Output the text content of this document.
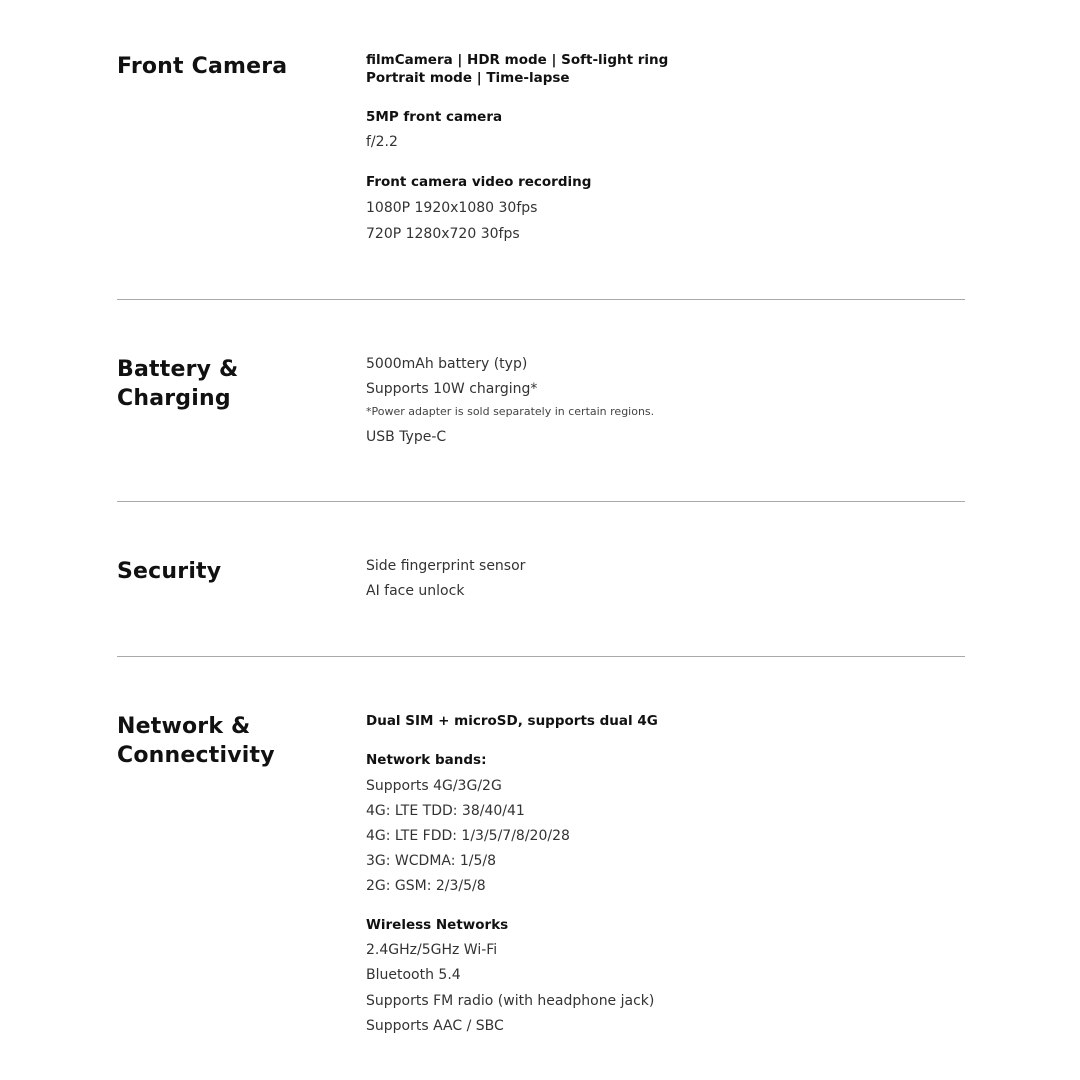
Front Camera	filmCamera | HDR mode | Soft-light ring
Portrait mode | Time-lapse
5MP front camera
f/2.2
Front camera video recording
1080P 1920x1080 30fps
720P 1280x720 30fps
Battery &
Charging
5000mAh battery (typ)
Supports 10W charging*
*Power adapter is sold separately in certain regions.
USB Type-C
Security	Side fingerprint sensor
AI face unlock
Network &
Connectivity
Dual SIM + microSD, supports dual 4G
Network bands:
Supports 4G/3G/2G
4G: LTE TDD: 38/40/41
4G: LTE FDD: 1/3/5/7/8/20/28
3G: WCDMA: 1/5/8
2G: GSM: 2/3/5/8
Wireless Networks
2.4GHz/5GHz Wi-Fi
Bluetooth 5.4
Supports FM radio (with headphone jack)
Supports AAC / SBC
